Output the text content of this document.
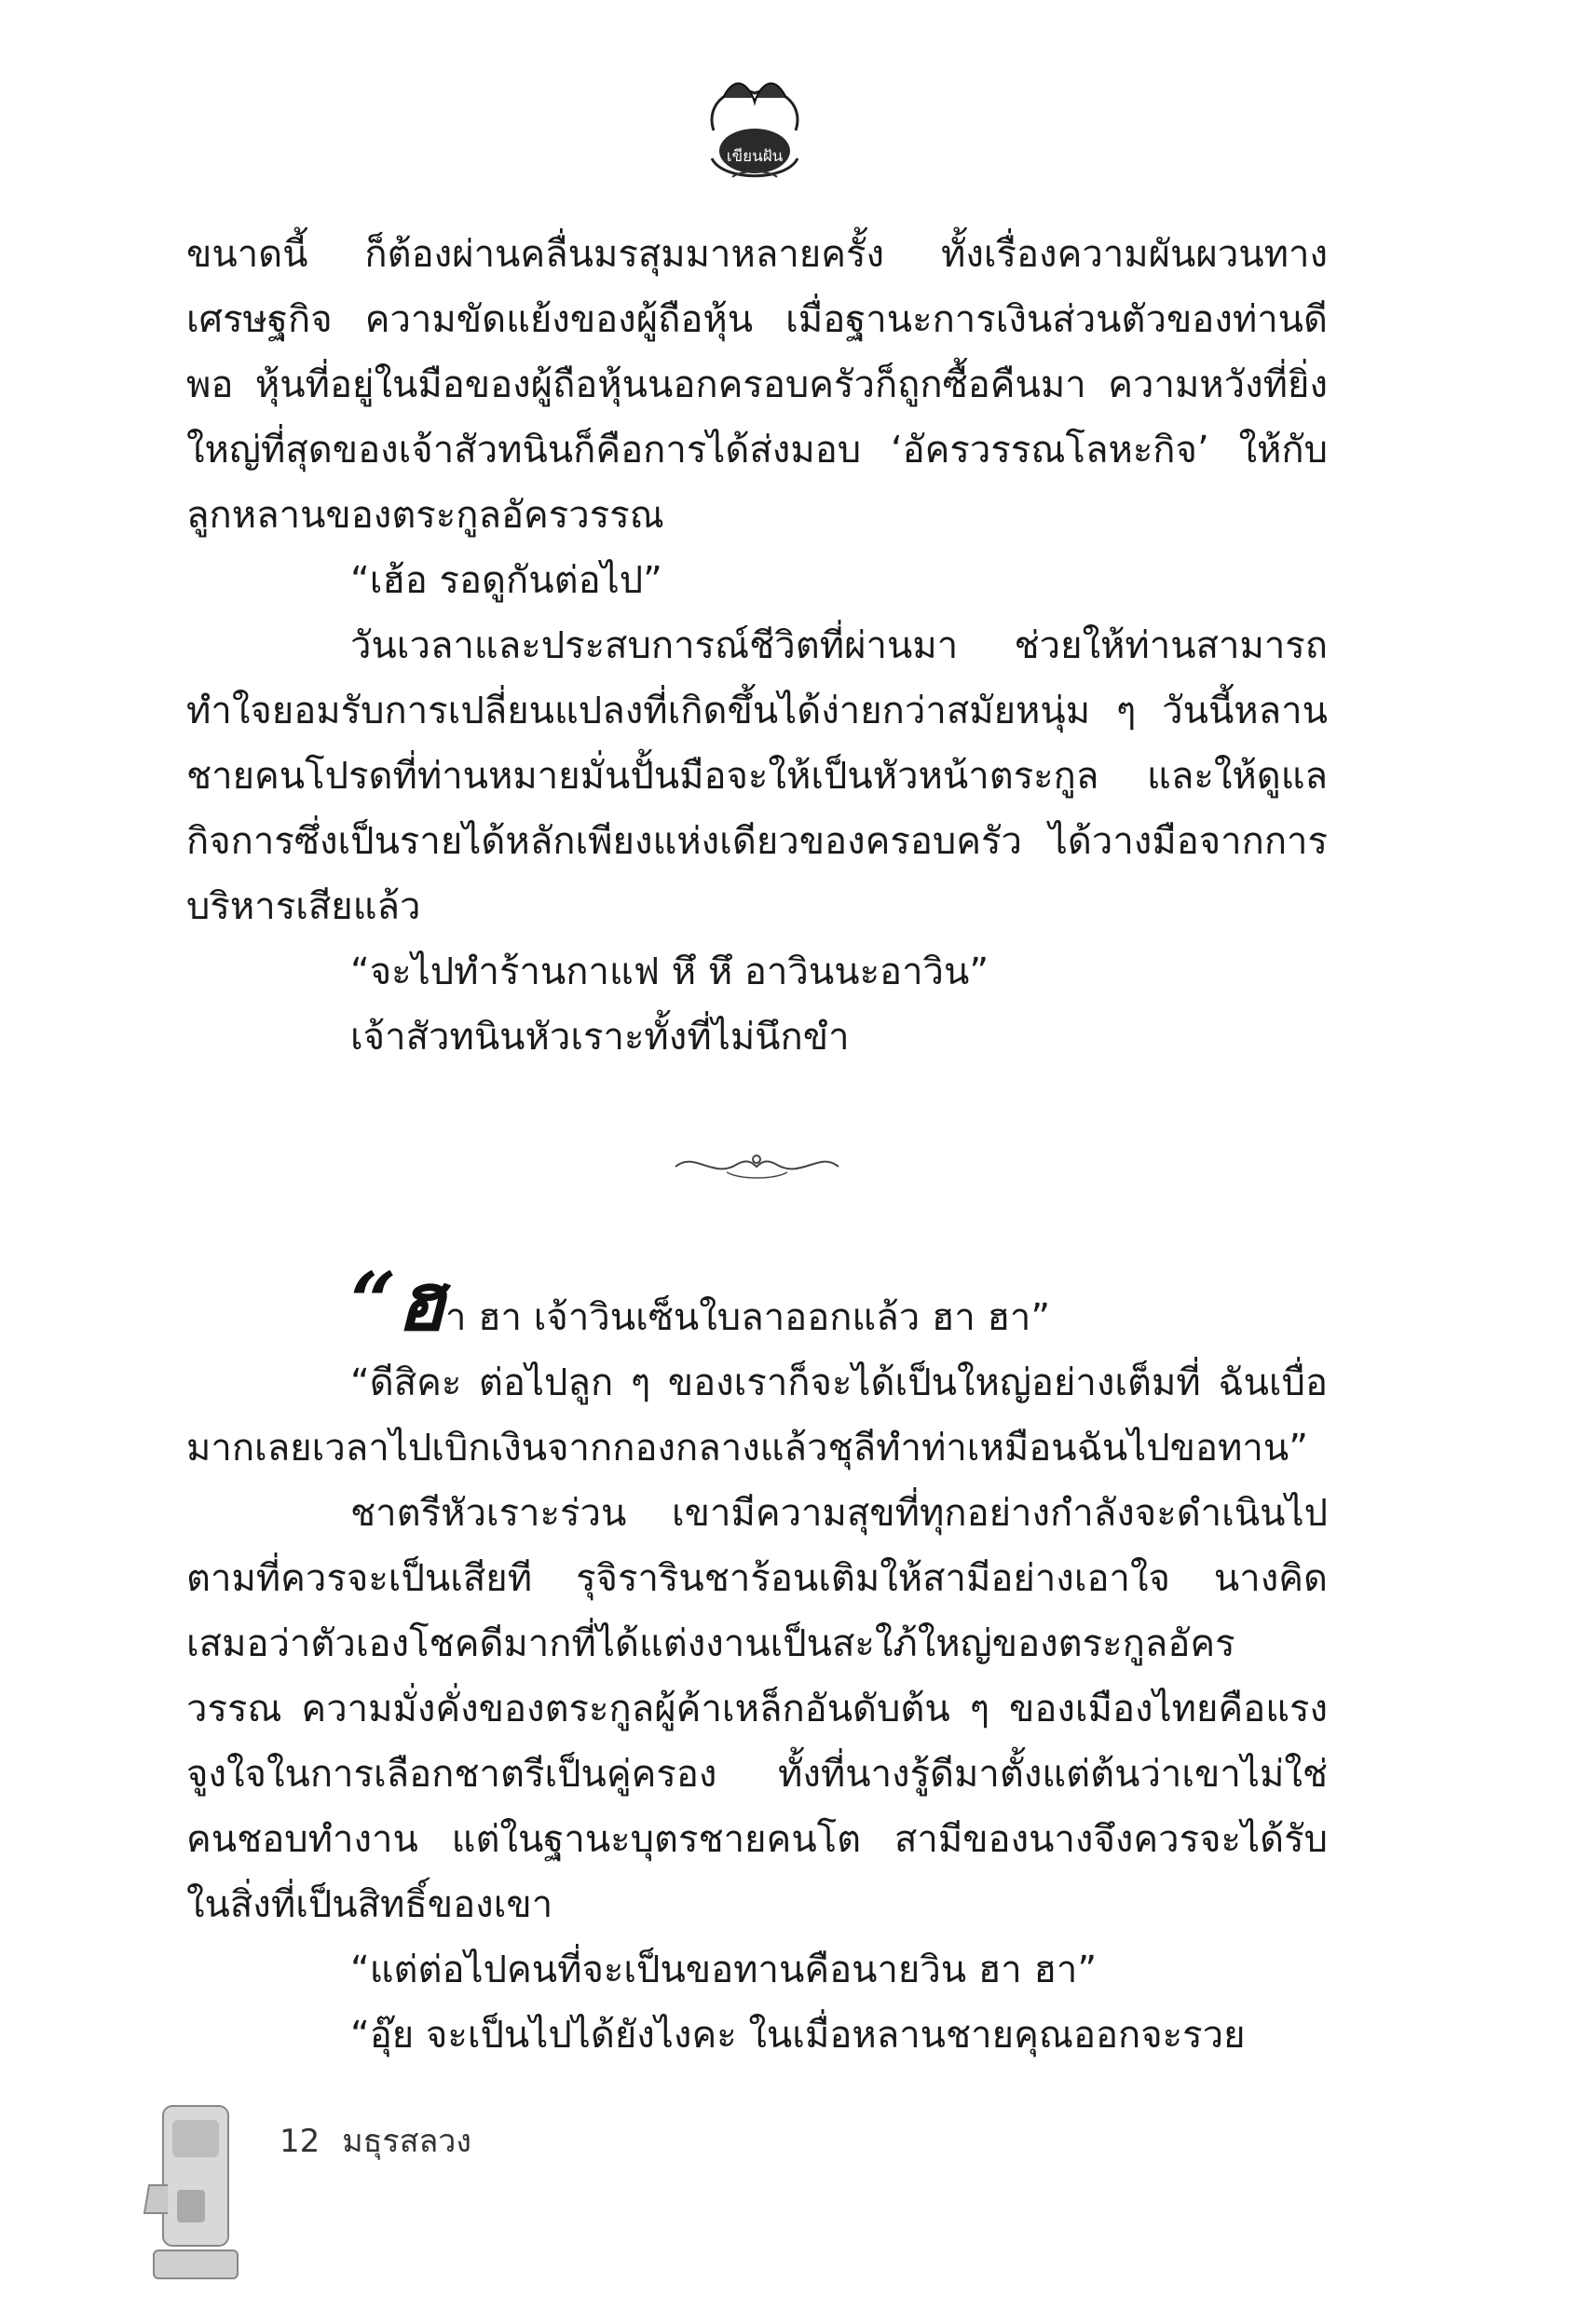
เขียนฝัน

ขนาดนี้ ก็ต้องผ่านคลื่นมรสุมมาหลายครั้ง ทั้งเรื่องความผันผวนทางเศรษฐกิจ ความขัดแย้งของผู้ถือหุ้น เมื่อฐานะการเงินส่วนตัวของท่านดีพอ หุ้นที่อยู่ในมือของผู้ถือหุ้นนอกครอบครัวก็ถูกซื้อคืนมา ความหวังที่ยิ่งใหญ่ที่สุดของเจ้าสัวทนินก็คือการได้ส่งมอบ ‘อัครวรรณโลหะกิจ’ ให้กับลูกหลานของตระกูลอัครวรรณ

“เฮ้อ รอดูกันต่อไป”

วันเวลาและประสบการณ์ชีวิตที่ผ่านมา ช่วยให้ท่านสามารถทำใจยอมรับการเปลี่ยนแปลงที่เกิดขึ้นได้ง่ายกว่าสมัยหนุ่ม ๆ วันนี้หลานชายคนโปรดที่ท่านหมายมั่นปั้นมือจะให้เป็นหัวหน้าตระกูล และให้ดูแลกิจการซึ่งเป็นรายได้หลักเพียงแห่งเดียวของครอบครัว ได้วางมือจากการบริหารเสียแล้ว

“จะไปทำร้านกาแฟ หึ หึ อาวินนะอาวิน”

เจ้าสัวทนินหัวเราะทั้งที่ไม่นึกขำ

“ฮา ฮา เจ้าวินเซ็นใบลาออกแล้ว ฮา ฮา”

“ดีสิคะ ต่อไปลูก ๆ ของเราก็จะได้เป็นใหญ่อย่างเต็มที่ ฉันเบื่อมากเลยเวลาไปเบิกเงินจากกองกลางแล้วชุลีทำท่าเหมือนฉันไปขอทาน”

ชาตรีหัวเราะร่วน เขามีความสุขที่ทุกอย่างกำลังจะดำเนินไปตามที่ควรจะเป็นเสียที รุจิรารินชาร้อนเติมให้สามีอย่างเอาใจ นางคิดเสมอว่าตัวเองโชคดีมากที่ได้แต่งงานเป็นสะใภ้ใหญ่ของตระกูลอัครวรรณ ความมั่งคั่งของตระกูลผู้ค้าเหล็กอันดับต้น ๆ ของเมืองไทยคือแรงจูงใจในการเลือกชาตรีเป็นคู่ครอง ทั้งที่นางรู้ดีมาตั้งแต่ต้นว่าเขาไม่ใช่คนชอบทำงาน แต่ในฐานะบุตรชายคนโต สามีของนางจึงควรจะได้รับในสิ่งที่เป็นสิทธิ์ของเขา

“แต่ต่อไปคนที่จะเป็นขอทานคือนายวิน ฮา ฮา”

“อุ๊ย จะเป็นไปได้ยังไงคะ ในเมื่อหลานชายคุณออกจะรวย

12 มธุรสลวง
